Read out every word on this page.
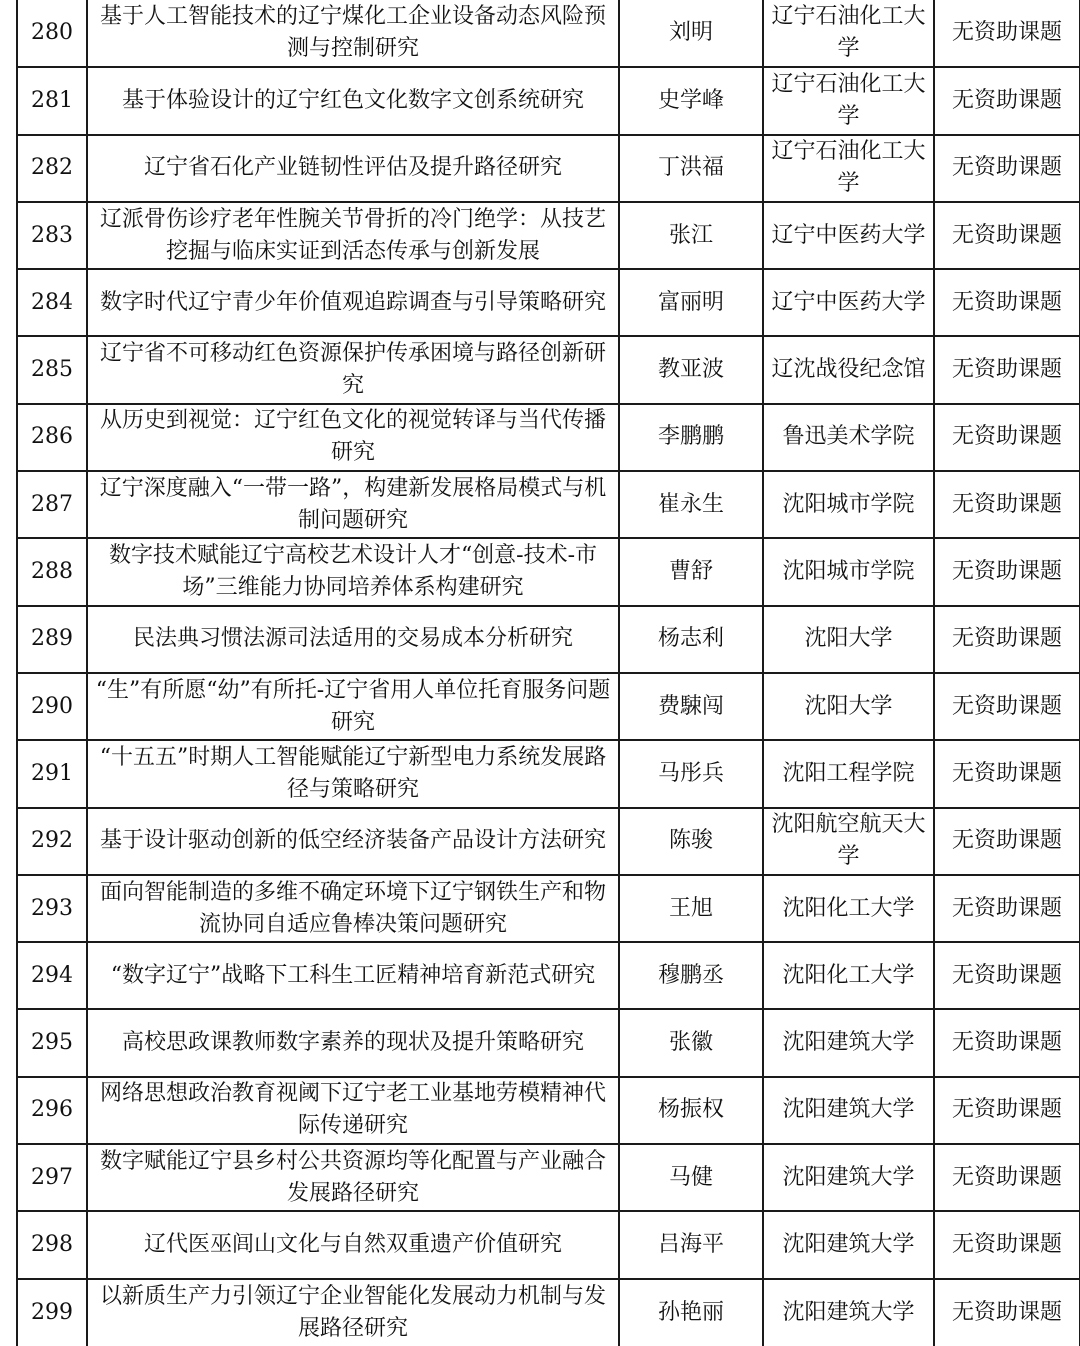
280	基于人工智能技术的辽宁煤化工企业设备动态风险预测与控制研究	刘明	辽宁石油化工大学	无资助课题
281	基于体验设计的辽宁红色文化数字文创系统研究	史学峰	辽宁石油化工大学	无资助课题
282	辽宁省石化产业链韧性评估及提升路径研究	丁洪福	辽宁石油化工大学	无资助课题
283	辽派骨伤诊疗老年性腕关节骨折的冷门绝学：从技艺挖掘与临床实证到活态传承与创新发展	张江	辽宁中医药大学	无资助课题
284	数字时代辽宁青少年价值观追踪调查与引导策略研究	富丽明	辽宁中医药大学	无资助课题
285	辽宁省不可移动红色资源保护传承困境与路径创新研究	教亚波	辽沈战役纪念馆	无资助课题
286	从历史到视觉：辽宁红色文化的视觉转译与当代传播研究	李鹏鹏	鲁迅美术学院	无资助课题
287	辽宁深度融入“一带一路”，构建新发展格局模式与机制问题研究	崔永生	沈阳城市学院	无资助课题
288	数字技术赋能辽宁高校艺术设计人才“创意-技术-市场”三维能力协同培养体系构建研究	曹舒	沈阳城市学院	无资助课题
289	民法典习惯法源司法适用的交易成本分析研究	杨志利	沈阳大学	无资助课题
290	“生”有所愿“幼”有所托-辽宁省用人单位托育服务问题研究	费駷闯	沈阳大学	无资助课题
291	“十五五”时期人工智能赋能辽宁新型电力系统发展路径与策略研究	马彤兵	沈阳工程学院	无资助课题
292	基于设计驱动创新的低空经济装备产品设计方法研究	陈骏	沈阳航空航天大学	无资助课题
293	面向智能制造的多维不确定环境下辽宁钢铁生产和物流协同自适应鲁棒决策问题研究	王旭	沈阳化工大学	无资助课题
294	“数字辽宁”战略下工科生工匠精神培育新范式研究	穆鹏丞	沈阳化工大学	无资助课题
295	高校思政课教师数字素养的现状及提升策略研究	张徽	沈阳建筑大学	无资助课题
296	网络思想政治教育视阈下辽宁老工业基地劳模精神代际传递研究	杨振权	沈阳建筑大学	无资助课题
297	数字赋能辽宁县乡村公共资源均等化配置与产业融合发展路径研究	马健	沈阳建筑大学	无资助课题
298	辽代医巫闾山文化与自然双重遗产价值研究	吕海平	沈阳建筑大学	无资助课题
299	以新质生产力引领辽宁企业智能化发展动力机制与发展路径研究	孙艳丽	沈阳建筑大学	无资助课题
